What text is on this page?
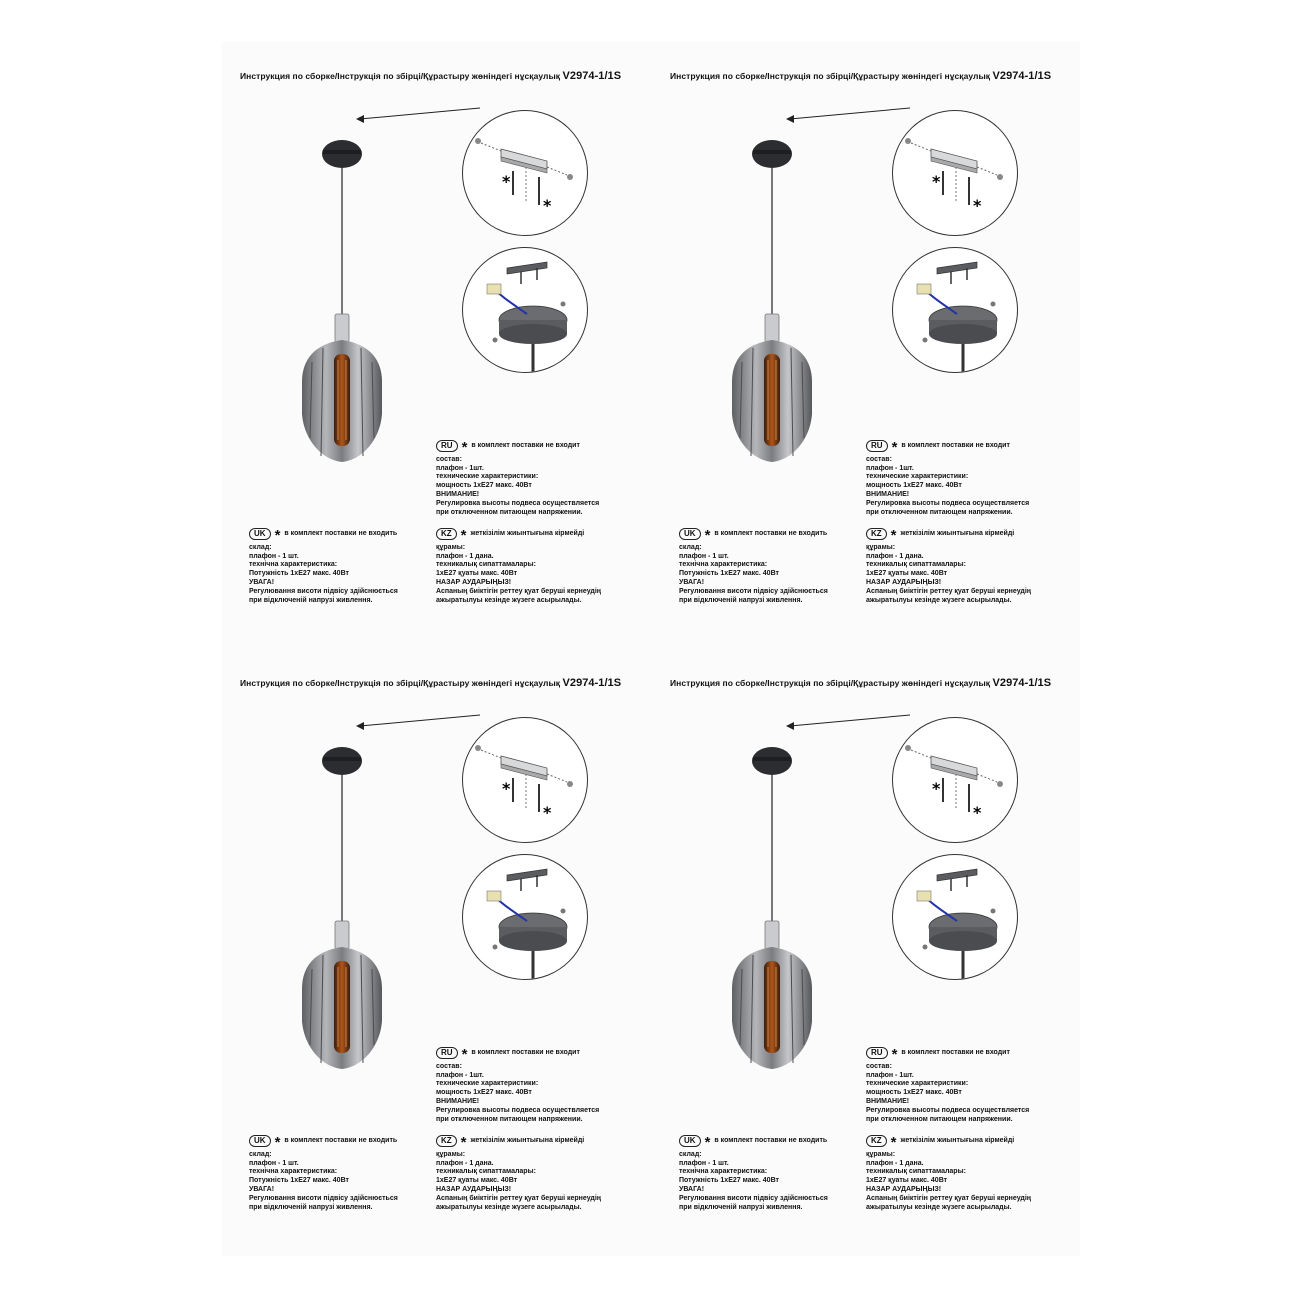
Инструкция по сборке/Інструкція по збірці/Құрастыру жөніндегі нұсқаулық V2974-1/1S
*
*
RU * в комплект поставки не входит
состав:
плафон - 1шт.
технические характеристики:
мощность 1xE27 макс. 40Вт
ВНИМАНИЕ!
Регулировка высоты подвеса осуществляется
при отключенном питающем напряжении.
UK * в комплект поставки не входить
склад:
плафон - 1 шт.
технічна характеристика:
Потужність 1xE27 макс. 40Вт
УВАГА!
Регулювання висоти підвісу здійснюється
при відключеній напрузі живлення.
KZ * жеткізілім жиынтығына кірмейді
құрамы:
плафон - 1 дана.
техникалық сипаттамалары:
1xE27 қуаты макс. 40Вт
НАЗАР АУДАРЫҢЫЗ!
Аспаның биіктігін реттеу қуат беруші кернеудің
ажыратылуы кезінде жүзеге асырылады.
Инструкция по сборке/Інструкція по збірці/Құрастыру жөніндегі нұсқаулық V2974-1/1S
*
*
RU * в комплект поставки не входит
состав:
плафон - 1шт.
технические характеристики:
мощность 1xE27 макс. 40Вт
ВНИМАНИЕ!
Регулировка высоты подвеса осуществляется
при отключенном питающем напряжении.
UK * в комплект поставки не входить
склад:
плафон - 1 шт.
технічна характеристика:
Потужність 1xE27 макс. 40Вт
УВАГА!
Регулювання висоти підвісу здійснюється
при відключеній напрузі живлення.
KZ * жеткізілім жиынтығына кірмейді
құрамы:
плафон - 1 дана.
техникалық сипаттамалары:
1xE27 қуаты макс. 40Вт
НАЗАР АУДАРЫҢЫЗ!
Аспаның биіктігін реттеу қуат беруші кернеудің
ажыратылуы кезінде жүзеге асырылады.
Инструкция по сборке/Інструкція по збірці/Құрастыру жөніндегі нұсқаулық V2974-1/1S
*
*
RU * в комплект поставки не входит
состав:
плафон - 1шт.
технические характеристики:
мощность 1xE27 макс. 40Вт
ВНИМАНИЕ!
Регулировка высоты подвеса осуществляется
при отключенном питающем напряжении.
UK * в комплект поставки не входить
склад:
плафон - 1 шт.
технічна характеристика:
Потужність 1xE27 макс. 40Вт
УВАГА!
Регулювання висоти підвісу здійснюється
при відключеній напрузі живлення.
KZ * жеткізілім жиынтығына кірмейді
құрамы:
плафон - 1 дана.
техникалық сипаттамалары:
1xE27 қуаты макс. 40Вт
НАЗАР АУДАРЫҢЫЗ!
Аспаның биіктігін реттеу қуат беруші кернеудің
ажыратылуы кезінде жүзеге асырылады.
Инструкция по сборке/Інструкція по збірці/Құрастыру жөніндегі нұсқаулық V2974-1/1S
*
*
RU * в комплект поставки не входит
состав:
плафон - 1шт.
технические характеристики:
мощность 1xE27 макс. 40Вт
ВНИМАНИЕ!
Регулировка высоты подвеса осуществляется
при отключенном питающем напряжении.
UK * в комплект поставки не входить
склад:
плафон - 1 шт.
технічна характеристика:
Потужність 1xE27 макс. 40Вт
УВАГА!
Регулювання висоти підвісу здійснюється
при відключеній напрузі живлення.
KZ * жеткізілім жиынтығына кірмейді
құрамы:
плафон - 1 дана.
техникалық сипаттамалары:
1xE27 қуаты макс. 40Вт
НАЗАР АУДАРЫҢЫЗ!
Аспаның биіктігін реттеу қуат беруші кернеудің
ажыратылуы кезінде жүзеге асырылады.
